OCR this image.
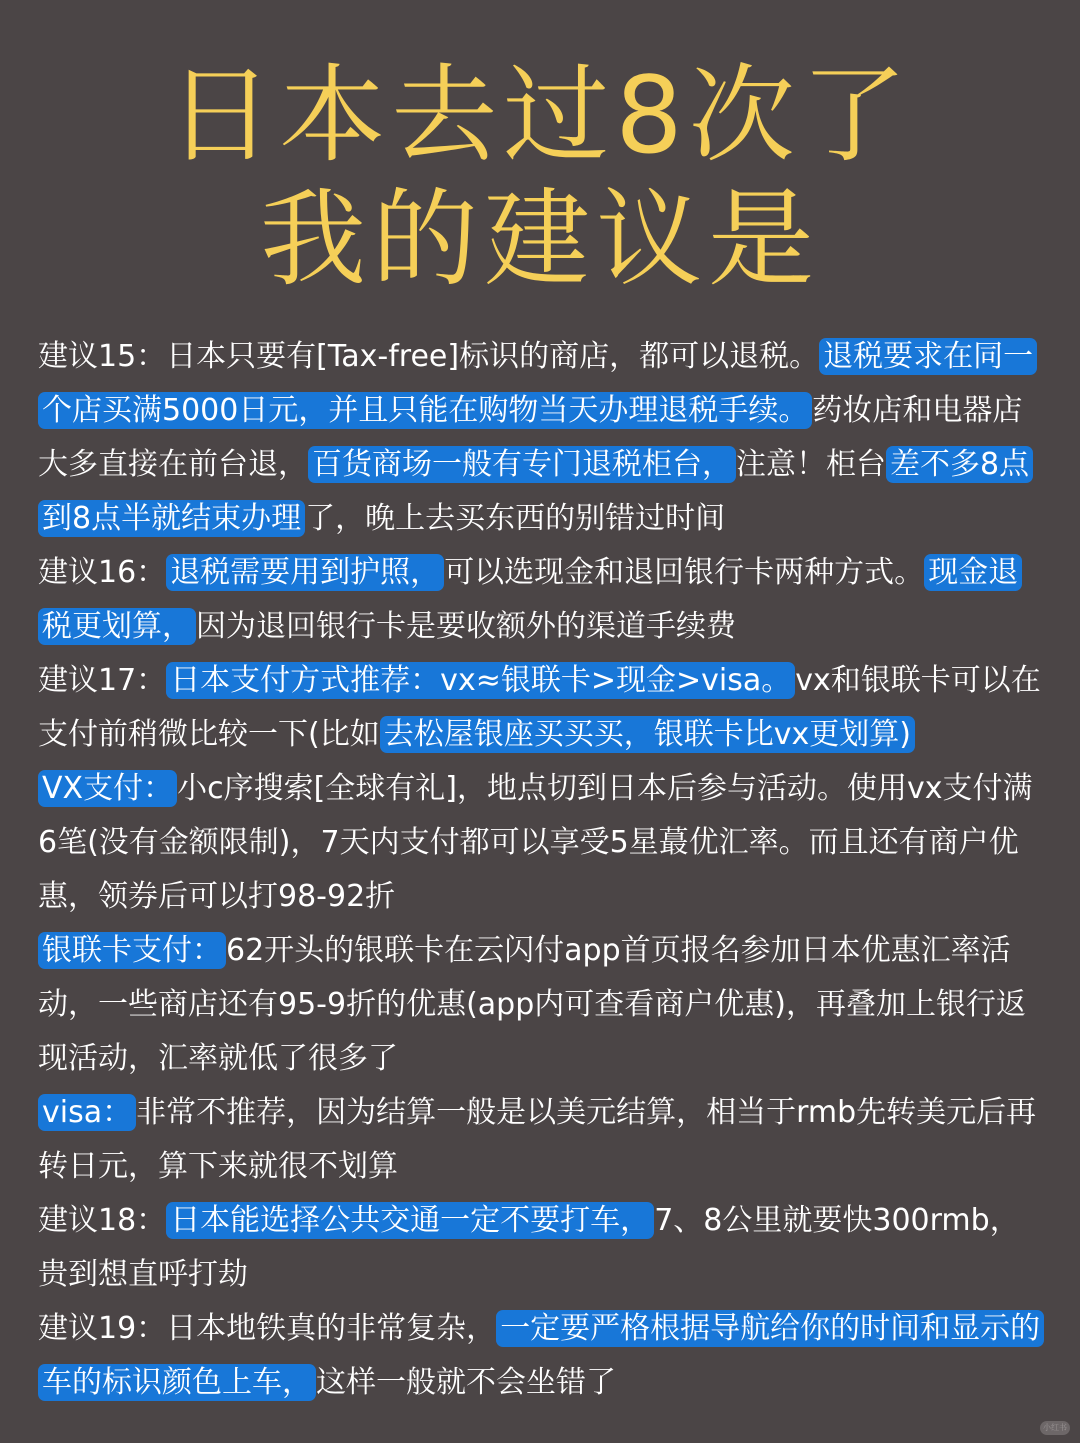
日本去过8次了
我的建议是

建议15：日本只要有[Tax-free]标识的商店，都可以退税。 退税要求在同一个店买满5000日元，并且只能在购物当天办理退税手续。 药妆店和电器店大多直接在前台退， 百货商场一般有专门退税柜台， 注意！柜台 差不多8点到8点半就结束办理 了，晚上去买东西的别错过时间

建议16： 退税需要用到护照， 可以选现金和退回银行卡两种方式。 现金退税更划算， 因为退回银行卡是要收额外的渠道手续费

建议17： 日本支付方式推荐：vx≈银联卡>现金>visa。 vx和银联卡可以在支付前稍微比较一下(比如 去松屋银座买买买，银联卡比vx更划算)

VX支付： 小c序搜索[全球有礼]，地点切到日本后参与活动。使用vx支付满6笔(没有金额限制)，7天内支付都可以享受5星蕞优汇率。而且还有商户优惠，领券后可以打98-92折

银联卡支付： 62开头的银联卡在云闪付app首页报名参加日本优惠汇率活动，一些商店还有95-9折的优惠(app内可查看商户优惠)，再叠加上银行返现活动，汇率就低了很多了

visa： 非常不推荐，因为结算一般是以美元结算，相当于rmb先转美元后再转日元，算下来就很不划算

建议18： 日本能选择公共交通一定不要打车， 7、8公里就要快300rmb，贵到想直呼打劫

建议19：日本地铁真的非常复杂， 一定要严格根据导航给你的时间和显示的车的标识颜色上车， 这样一般就不会坐错了

小红书
